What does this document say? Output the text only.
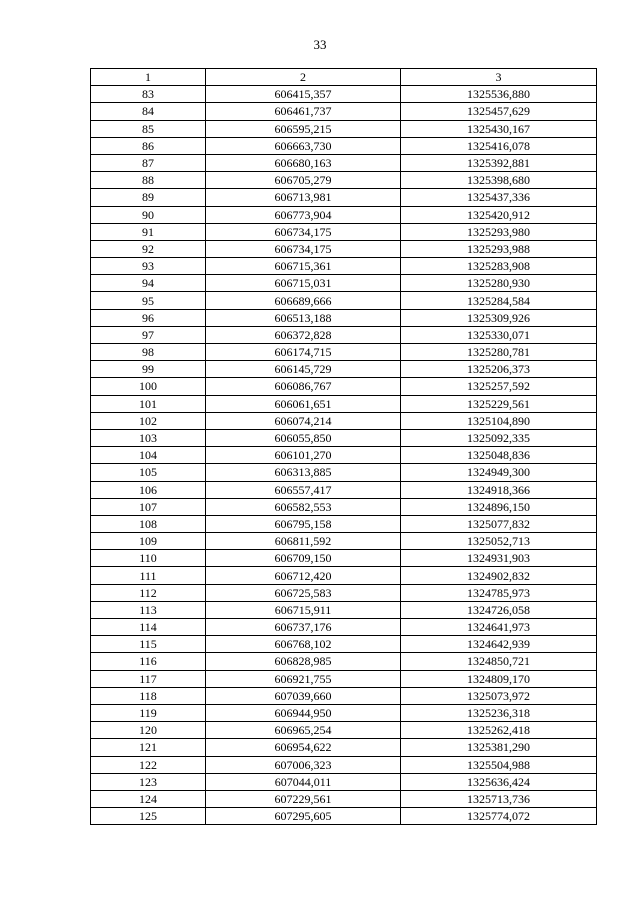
33
1	2	3
83	606415,357	1325536,880
84	606461,737	1325457,629
85	606595,215	1325430,167
86	606663,730	1325416,078
87	606680,163	1325392,881
88	606705,279	1325398,680
89	606713,981	1325437,336
90	606773,904	1325420,912
91	606734,175	1325293,980
92	606734,175	1325293,988
93	606715,361	1325283,908
94	606715,031	1325280,930
95	606689,666	1325284,584
96	606513,188	1325309,926
97	606372,828	1325330,071
98	606174,715	1325280,781
99	606145,729	1325206,373
100	606086,767	1325257,592
101	606061,651	1325229,561
102	606074,214	1325104,890
103	606055,850	1325092,335
104	606101,270	1325048,836
105	606313,885	1324949,300
106	606557,417	1324918,366
107	606582,553	1324896,150
108	606795,158	1325077,832
109	606811,592	1325052,713
110	606709,150	1324931,903
111	606712,420	1324902,832
112	606725,583	1324785,973
113	606715,911	1324726,058
114	606737,176	1324641,973
115	606768,102	1324642,939
116	606828,985	1324850,721
117	606921,755	1324809,170
118	607039,660	1325073,972
119	606944,950	1325236,318
120	606965,254	1325262,418
121	606954,622	1325381,290
122	607006,323	1325504,988
123	607044,011	1325636,424
124	607229,561	1325713,736
125	607295,605	1325774,072
